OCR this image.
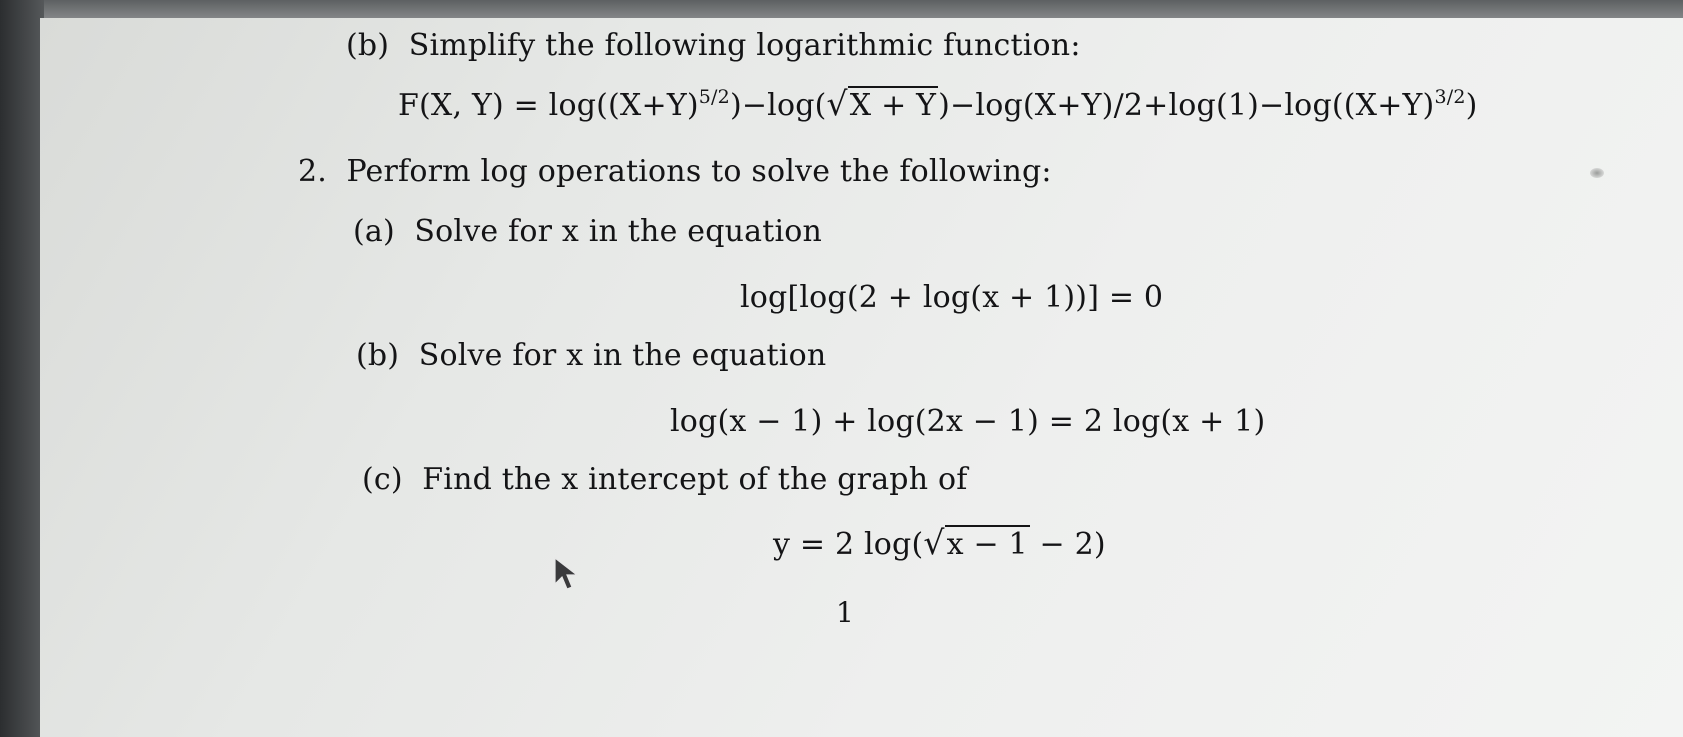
(b) Simplify the following logarithmic function:
F(X, $Y) = \log((X+Y)^{5/2})-\log(√X + Y)-\log(X+Y)/2+\log(1)-\log((X+Y)^{3/2})$
2. Perform log operations to solve the following:
(a) Solve for x in the equation
log[log(2 + log(x + 1))] = 0
(b) Solve for x in the equation
log(x − 1) + log(2x − 1) = 2 log(x + 1)
(c) Find the x intercept of the graph of
y = 2 log(√x − 1 − 2)
1
